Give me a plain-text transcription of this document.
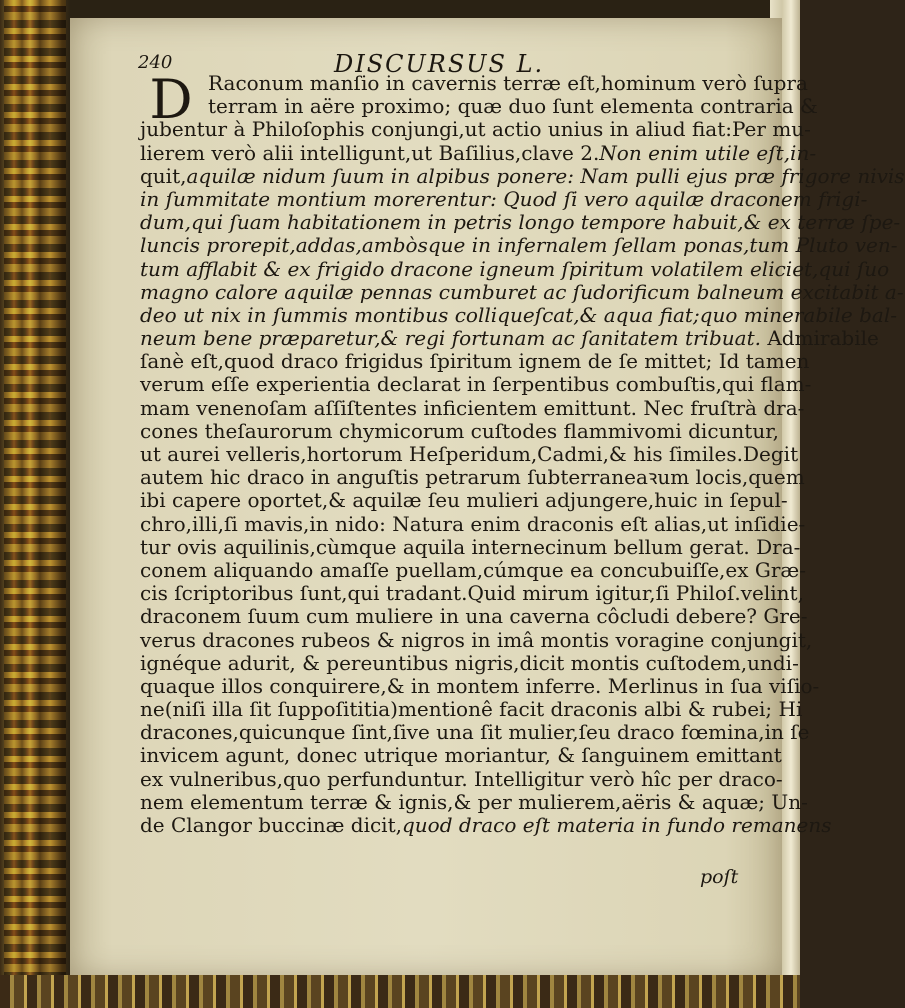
240	DISCURSUS L.
D Raconum manſio in cavernis terræ eſt,hominum verò ſupra
terram in aëre proximo; quæ duo ſunt elementa contraria &
jubentur à Philoſophis conjungi,ut actio unius in aliud fiat:Per mu-
lierem verò alii intelligunt,ut Baſilius,clave 2.Non enim utile eſt,in-
quit,aquilæ nidum ſuum in alpibus ponere: Nam pulli ejus præ frigore nivis
in ſummitate montium morerentur: Quod ſi vero aquilæ draconem frigi-
dum,qui ſuam habitationem in petris longo tempore habuit,& ex terræ ſpe-
luncis prorepit,addas,ambòsque in infernalem ſellam ponas,tum Pluto ven-
tum afflabit & ex frigido dracone igneum ſpiritum volatilem eliciet,qui ſuo
magno calore aquilæ pennas cumburet ac ſudorificum balneum excitabit a-
deo ut nix in ſummis montibus colliqueſcat,& aqua fiat;quo minerabile bal-
neum bene præparetur,& regi fortunam ac ſanitatem tribuat. Admirabile
ſanè eſt,quod draco frigidus ſpiritum ignem de ſe mittet; Id tamen
verum eſſe experientia declarat in ſerpentibus combuſtis,qui flam-
mam venenoſam aſſiſtentes inficientem emittunt. Nec fruſtrà dra-
cones theſaurorum chymicorum cuſtodes flammivomi dicuntur,
ut aurei velleris,hortorum Heſperidum,Cadmi,& his ſimiles.Degit
autem hic draco in anguſtis petrarum ſubterraneaꝛum locis,quem
ibi capere oportet,& aquilæ ſeu mulieri adjungere,huic in ſepul-
chro,illi,ſi mavis,in nido: Natura enim draconis eſt alias,ut inſidie-
tur ovis aquilinis,cùmque aquila internecinum bellum gerat. Dra-
conem aliquando amaſſe puellam,cúmque ea concubuiſſe,ex Græ-
cis ſcriptoribus ſunt,qui tradant.Quid mirum igitur,ſi Philoſ.velint,
draconem ſuum cum muliere in una caverna côcludi debere? Gre-
verus dracones rubeos & nigros in imâ montis voragine conjungit,
ignéque adurit, & pereuntibus nigris,dicit montis cuſtodem,undi-
quaque illos conquirere,& in montem inferre. Merlinus in ſua viſio-
ne(niſi illa ſit ſuppoſititia)mentionê facit draconis albi & rubei; Hi
dracones,quicunque ſint,ſive una ſit mulier,ſeu draco fœmina,in ſe
invicem agunt, donec utrique moriantur, & ſanguinem emittant
ex vulneribus,quo perfunduntur. Intelligitur verò hîc per draco-
nem elementum terræ & ignis,& per mulierem,aëris & aquæ; Un-
de Clangor buccinæ dicit,quod draco eſt materia in fundo remanens
poſt
